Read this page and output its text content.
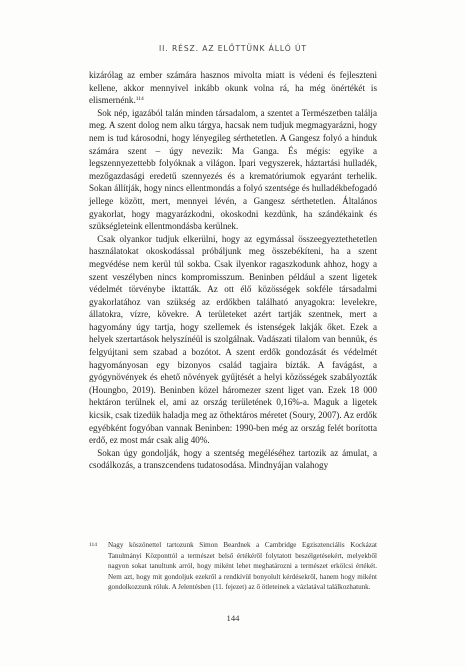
II. RÉSZ. AZ ELŐTTÜNK ÁLLÓ ÚT

kizárólag az ember számára hasznos mivolta miatt is védeni és fejleszteni kellene, akkor mennyivel inkább okunk volna rá, ha még önértékét is elismernénk.$^{114}$

Sok nép, igazából talán minden társadalom, a szentet a Természetben találja meg. A szent dolog nem alku tárgya, hacsak nem tudjuk megmagyarázni, hogy nem is tud károsodni, hogy lényegileg sérthetetlen. A Gangesz folyó a hinduk számára szent – úgy nevezik: Ma Ganga. És mégis: egyike a legszennyezettebb folyóknak a világon. Ipari vegyszerek, háztartási hulladék, mezőgazdasági eredetű szennyezés és a krematóriumok egyaránt terhelik. Sokan állítják, hogy nincs ellentmondás a folyó szentsége és hulladékbefogadó jellege között, mert, mennyei lévén, a Gangesz sérthetetlen. Általános gyakorlat, hogy magyarázkodni, okoskodni kezdünk, ha szándékaink és szükségleteink ellentmondásba kerülnek.

Csak olyankor tudjuk elkerülni, hogy az egymással összeegyeztethetetlen használatokat okoskodással próbáljunk meg összebékíteni, ha a szent megvédése nem kerül túl sokba. Csak ilyenkor ragaszkodunk ahhoz, hogy a szent veszélyben nincs kompromisszum. Beninben például a szent ligetek védelmét törvénybe iktatták. Az ott élő közösségek sokféle társadalmi gyakorlatához van szükség az erdőkben található anyagokra: levelekre, állatokra, vízre, kövekre. A területeket azért tartják szentnek, mert a hagyomány úgy tartja, hogy szellemek és istenségek lakják őket. Ezek a helyek szertartások helyszínéül is szolgálnak. Vadászati tilalom van bennük, és felgyújtani sem szabad a bozótot. A szent erdők gondozását és védelmét hagyományosan egy bizonyos család tagjaira bízták. A favágást, a gyógynövények és ehető növények gyűjtését a helyi közösségek szabályozták (Houngbo, 2019). Beninben közel háromezer szent liget van. Ezek 18 000 hektáron terülnek el, ami az ország területének 0,16%-a. Maguk a ligetek kicsik, csak tizedük haladja meg az öthektáros méretet (Soury, 2007). Az erdők egyébként fogyóban vannak Beninben: 1990-ben még az ország felét borította erdő, ez most már csak alig 40%.

Sokan úgy gondolják, hogy a szentség megéléséhez tartozik az ámulat, a csodálkozás, a transzcendens tudatosodása. Mindnyájan valahogy

114	Nagy köszönettel tartozunk Simon Beardnek a Cambridge Egzisztenciális Kockázat Tanulmányi Központtól a természet belső értékéről folytatott beszélgetésekért, melyekből nagyon sokat tanultunk arról, hogy miként lehet meghatározni a természet erkölcsi értékét. Nem azt, hogy mit gondoljuk ezekről a rendkívül bonyolult kérdésekről, hanem hogy miként gondolkozzunk róluk. A Jelentésben (11. fejezet) az ő ötleteinek a vázlatával találkozhatunk.
144
